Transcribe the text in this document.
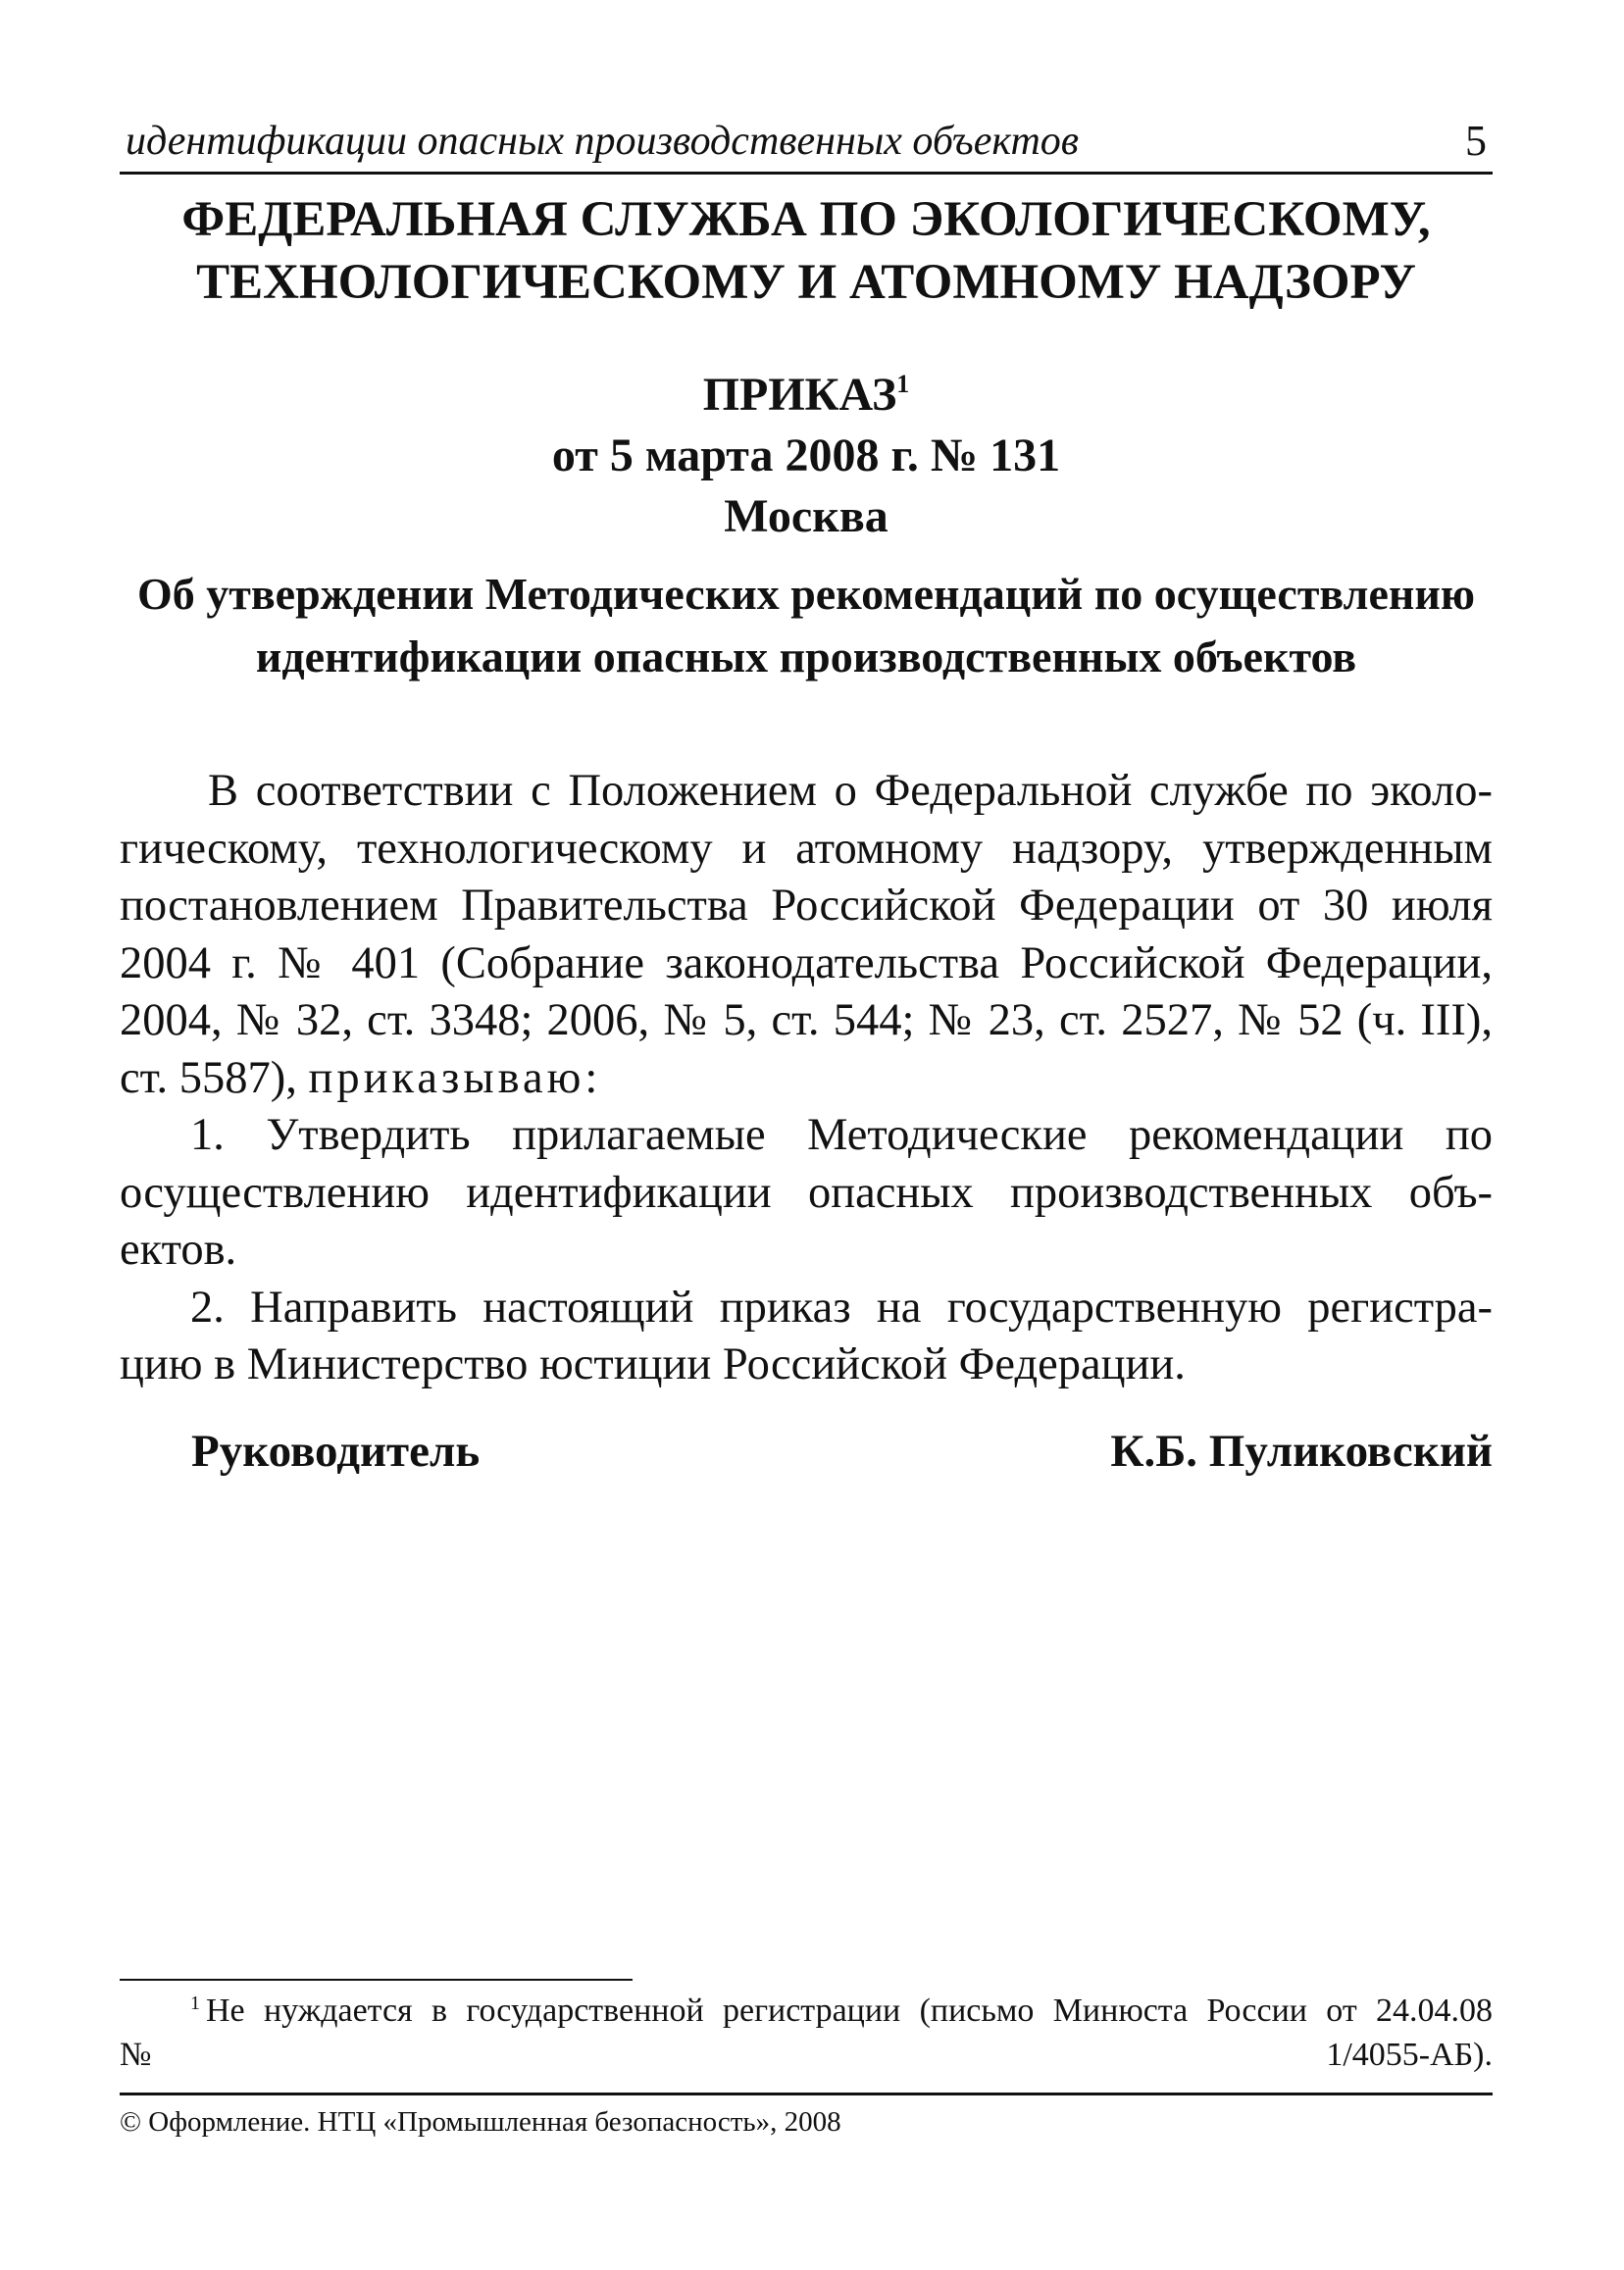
идентификации опасных производственных объектов	5
ФЕДЕРАЛЬНАЯ СЛУЖБА ПО ЭКОЛОГИЧЕСКОМУ,
ТЕХНОЛОГИЧЕСКОМУ И АТОМНОМУ НАДЗОРУ
ПРИКАЗ$^1$
от 5 марта 2008 г. № 131
Москва
Об утверждении Методических рекомендаций по осуществлению
идентификации опасных производственных объектов
В соответствии с Положением о Федеральной службе по эколо-
гическому, технологическому и атомному надзору, утвержденным
постановлением Правительства Российской Федерации от 30 июля
2004 г. № 401 (Собрание законодательства Российской Федерации,
2004, № 32, ст. 3348; 2006, № 5, ст. 544; № 23, ст. 2527, № 52 (ч. III),
ст. 5587), приказываю:
1. Утвердить прилагаемые Методические рекомендации по
осуществлению идентификации опасных производственных объ-
ектов.
2. Направить настоящий приказ на государственную регистра-
цию в Министерство юстиции Российской Федерации.
Руководитель	К.Б. Пуликовский
$^1$ Не нуждается в государственной регистрации (письмо Минюста России от 24.04.08
№ 1/4055-АБ).
© Оформление. НТЦ «Промышленная безопасность», 2008
